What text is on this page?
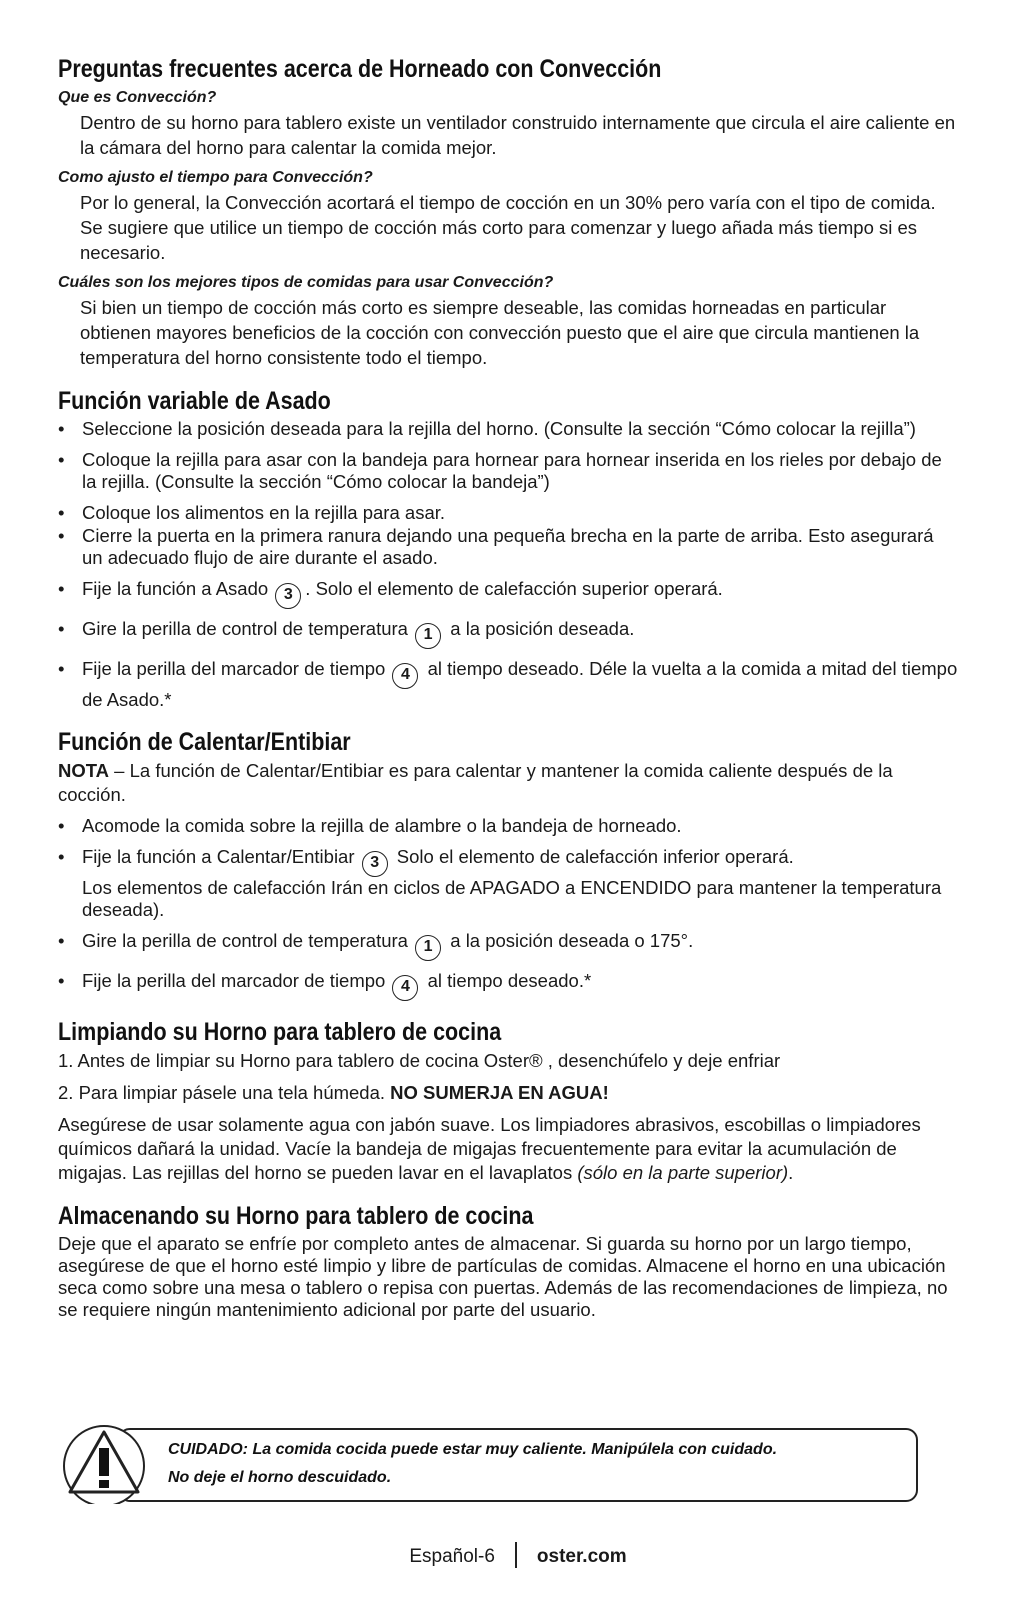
Preguntas frecuentes acerca de Horneado con Convección

Que es Convección?

Dentro de su horno para tablero existe un ventilador construido internamente que circula el aire caliente en la cámara del horno para calentar la comida mejor.

Como ajusto el tiempo para Convección?

Por lo general, la Convección acortará el tiempo de cocción en un 30% pero varía con el tipo de comida. Se sugiere que utilice un tiempo de cocción más corto para comenzar y luego añada más tiempo si es necesario.

Cuáles son los mejores tipos de comidas para usar Convección?

Si bien un tiempo de cocción más corto es siempre deseable, las comidas horneadas en particular obtienen mayores beneficios de la cocción con convección puesto que el aire que circula mantienen la temperatura del horno consistente todo el tiempo.

Función variable de Asado
• Seleccione la posición deseada para la rejilla del horno. (Consulte la sección “Cómo colocar la rejilla”)
• Coloque la rejilla para asar con la bandeja para hornear para hornear inserida en los rieles por debajo de la rejilla. (Consulte la sección “Cómo colocar la bandeja”)
• Coloque los alimentos en la rejilla para asar.
• Cierre la puerta en la primera ranura dejando una pequeña brecha en la parte de arriba. Esto asegurará un adecuado flujo de aire durante el asado.
• Fije la función a Asado 3 . Solo el elemento de calefacción superior operará.
• Gire la perilla de control de temperatura 1 a la posición deseada.
• Fije la perilla del marcador de tiempo 4 al tiempo deseado. Déle la vuelta a la comida a mitad del tiempo de Asado.*
Función de Calentar/Entibiar

NOTA – La función de Calentar/Entibiar es para calentar y mantener la comida caliente después de la cocción.

• Acomode la comida sobre la rejilla de alambre o la bandeja de horneado.
• Fije la función a Calentar/Entibiar 3 Solo el elemento de calefacción inferior operará.
Los elementos de calefacción Irán en ciclos de APAGADO a ENCENDIDO para mantener la temperatura deseada).
• Gire la perilla de control de temperatura 1 a la posición deseada o 175°.
• Fije la perilla del marcador de tiempo 4 al tiempo deseado.*
Limpiando su Horno para tablero de cocina

1. Antes de limpiar su Horno para tablero de cocina Oster® , desenchúfelo y deje enfriar

2. Para limpiar pásele una tela húmeda. NO SUMERJA EN AGUA!

Asegúrese de usar solamente agua con jabón suave. Los limpiadores abrasivos, escobillas o limpiadores químicos dañará la unidad. Vacíe la bandeja de migajas frecuentemente para evitar la acumulación de migajas. Las rejillas del horno se pueden lavar en el lavaplatos (sólo en la parte superior).

Almacenando su Horno para tablero de cocina

Deje que el aparato se enfríe por completo antes de almacenar. Si guarda su horno por un largo tiempo, asegúrese de que el horno esté limpio y libre de partículas de comidas. Almacene el horno en una ubicación seca como sobre una mesa o tablero o repisa con puertas. Además de las recomendaciones de limpieza, no se requiere ningún mantenimiento adicional por parte del usuario.

CUIDADO: La comida cocida puede estar muy caliente. Manipúlela con cuidado.
No deje el horno descuidado.
Español-6 oster.com
